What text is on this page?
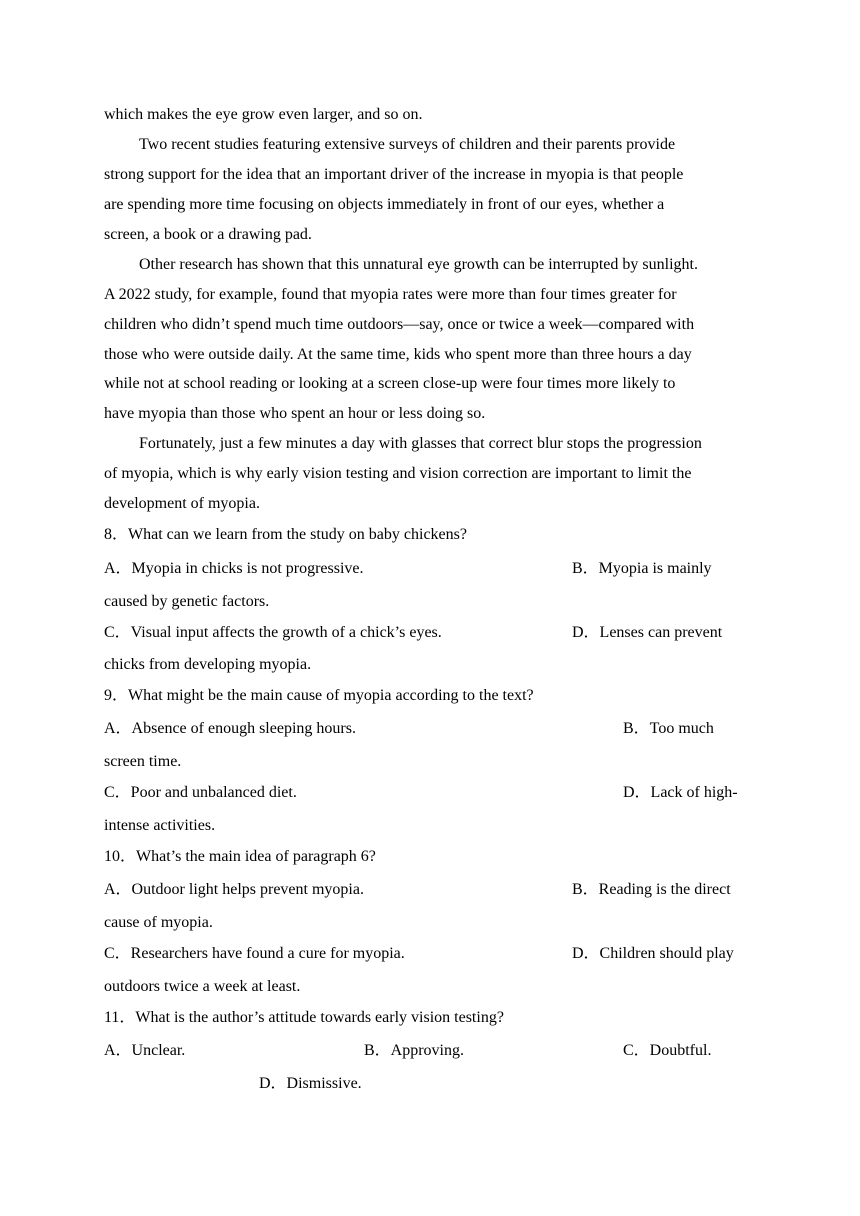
which makes the eye grow even larger, and so on.
Two recent studies featuring extensive surveys of children and their parents provide
strong support for the idea that an important driver of the increase in myopia is that people
are spending more time focusing on objects immediately in front of our eyes, whether a
screen, a book or a drawing pad.
Other research has shown that this unnatural eye growth can be interrupted by sunlight.
A 2022 study, for example, found that myopia rates were more than four times greater for
children who didn’t spend much time outdoors—say, once or twice a week—compared with
those who were outside daily. At the same time, kids who spent more than three hours a day
while not at school reading or looking at a screen close-up were four times more likely to
have myopia than those who spent an hour or less doing so.
Fortunately, just a few minutes a day with glasses that correct blur stops the progression
of myopia, which is why early vision testing and vision correction are important to limit the
development of myopia.
8．What can we learn from the study on baby chickens?
A．Myopia in chicks is not progressive.	B．Myopia is mainly
caused by genetic factors.
C．Visual input affects the growth of a chick’s eyes.	D．Lenses can prevent
chicks from developing myopia.
9．What might be the main cause of myopia according to the text?
A．Absence of enough sleeping hours.	B．Too much
screen time.
C．Poor and unbalanced diet.	D．Lack of high-
intense activities.
10．What’s the main idea of paragraph 6?
A．Outdoor light helps prevent myopia.	B．Reading is the direct
cause of myopia.
C．Researchers have found a cure for myopia.	D．Children should play
outdoors twice a week at least.
11．What is the author’s attitude towards early vision testing?
A．Unclear.	B．Approving.	C．Doubtful.
D．Dismissive.
